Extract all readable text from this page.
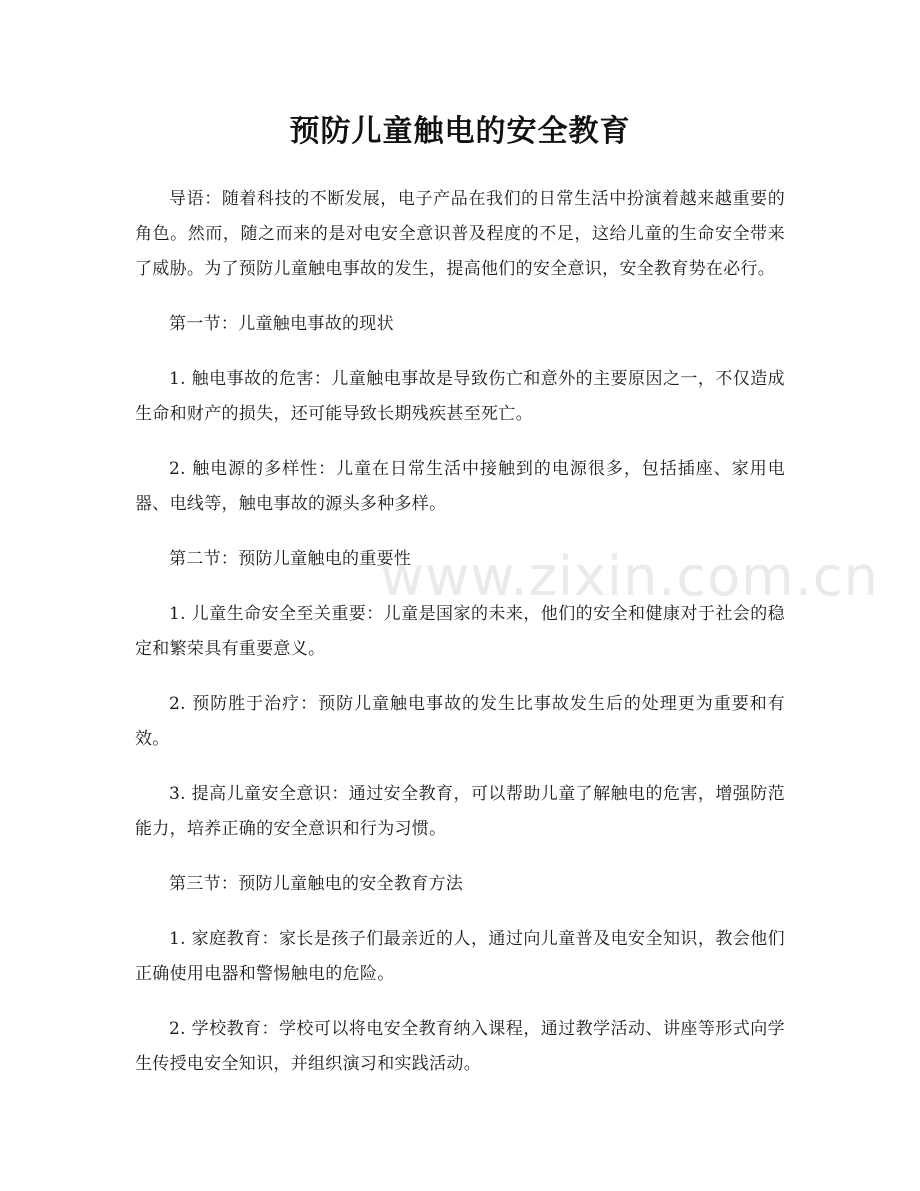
预防儿童触电的安全教育

导语：随着科技的不断发展，电子产品在我们的日常生活中扮演着越来越重要的角色。然而，随之而来的是对电安全意识普及程度的不足，这给儿童的生命安全带来了威胁。为了预防儿童触电事故的发生，提高他们的安全意识，安全教育势在必行。

第一节：儿童触电事故的现状

1. 触电事故的危害：儿童触电事故是导致伤亡和意外的主要原因之一，不仅造成生命和财产的损失，还可能导致长期残疾甚至死亡。

2. 触电源的多样性：儿童在日常生活中接触到的电源很多，包括插座、家用电器、电线等，触电事故的源头多种多样。

第二节：预防儿童触电的重要性

1. 儿童生命安全至关重要：儿童是国家的未来，他们的安全和健康对于社会的稳定和繁荣具有重要意义。

2. 预防胜于治疗：预防儿童触电事故的发生比事故发生后的处理更为重要和有效。

3. 提高儿童安全意识：通过安全教育，可以帮助儿童了解触电的危害，增强防范能力，培养正确的安全意识和行为习惯。

第三节：预防儿童触电的安全教育方法

1. 家庭教育：家长是孩子们最亲近的人，通过向儿童普及电安全知识，教会他们正确使用电器和警惕触电的危险。

2. 学校教育：学校可以将电安全教育纳入课程，通过教学活动、讲座等形式向学生传授电安全知识，并组织演习和实践活动。

www.zixin.com.cn
